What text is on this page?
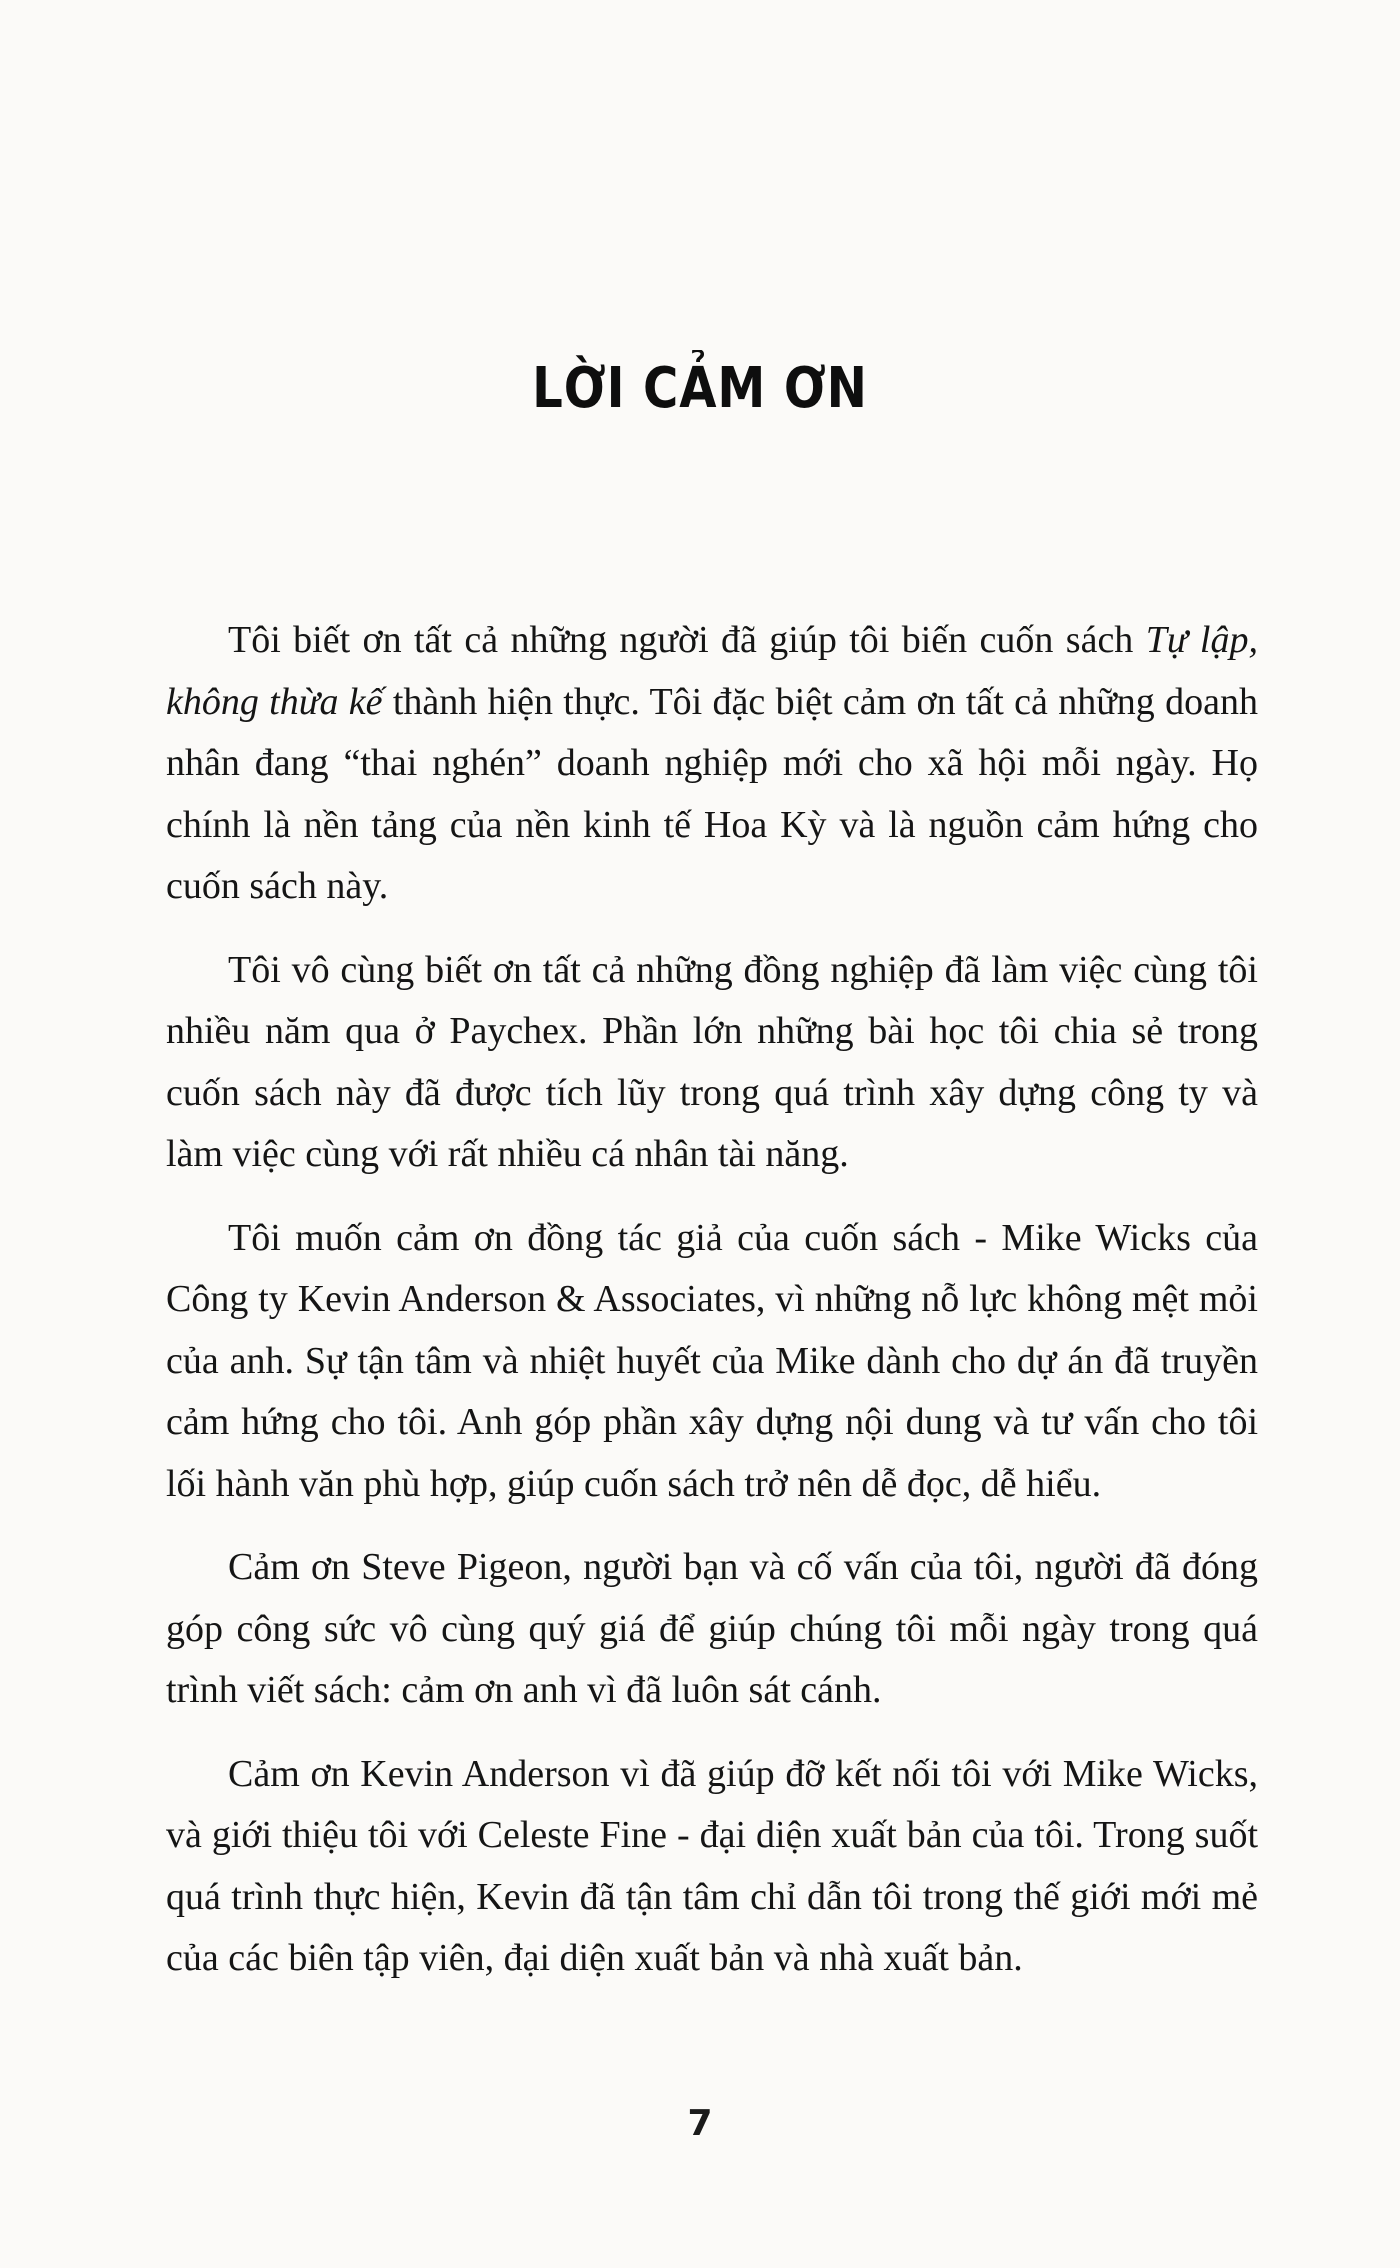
LỜI CẢM ƠN

Tôi biết ơn tất cả những người đã giúp tôi biến cuốn sách Tự lập, không thừa kế thành hiện thực. Tôi đặc biệt cảm ơn tất cả những doanh nhân đang “thai nghén” doanh nghiệp mới cho xã hội mỗi ngày. Họ chính là nền tảng của nền kinh tế Hoa Kỳ và là nguồn cảm hứng cho cuốn sách này.

Tôi vô cùng biết ơn tất cả những đồng nghiệp đã làm việc cùng tôi nhiều năm qua ở Paychex. Phần lớn những bài học tôi chia sẻ trong cuốn sách này đã được tích lũy trong quá trình xây dựng công ty và làm việc cùng với rất nhiều cá nhân tài năng.

Tôi muốn cảm ơn đồng tác giả của cuốn sách - Mike Wicks của Công ty Kevin Anderson & Associates, vì những nỗ lực không mệt mỏi của anh. Sự tận tâm và nhiệt huyết của Mike dành cho dự án đã truyền cảm hứng cho tôi. Anh góp phần xây dựng nội dung và tư vấn cho tôi lối hành văn phù hợp, giúp cuốn sách trở nên dễ đọc, dễ hiểu.

Cảm ơn Steve Pigeon, người bạn và cố vấn của tôi, người đã đóng góp công sức vô cùng quý giá để giúp chúng tôi mỗi ngày trong quá trình viết sách: cảm ơn anh vì đã luôn sát cánh.

Cảm ơn Kevin Anderson vì đã giúp đỡ kết nối tôi với Mike Wicks, và giới thiệu tôi với Celeste Fine - đại diện xuất bản của tôi. Trong suốt quá trình thực hiện, Kevin đã tận tâm chỉ dẫn tôi trong thế giới mới mẻ của các biên tập viên, đại diện xuất bản và nhà xuất bản.

7
